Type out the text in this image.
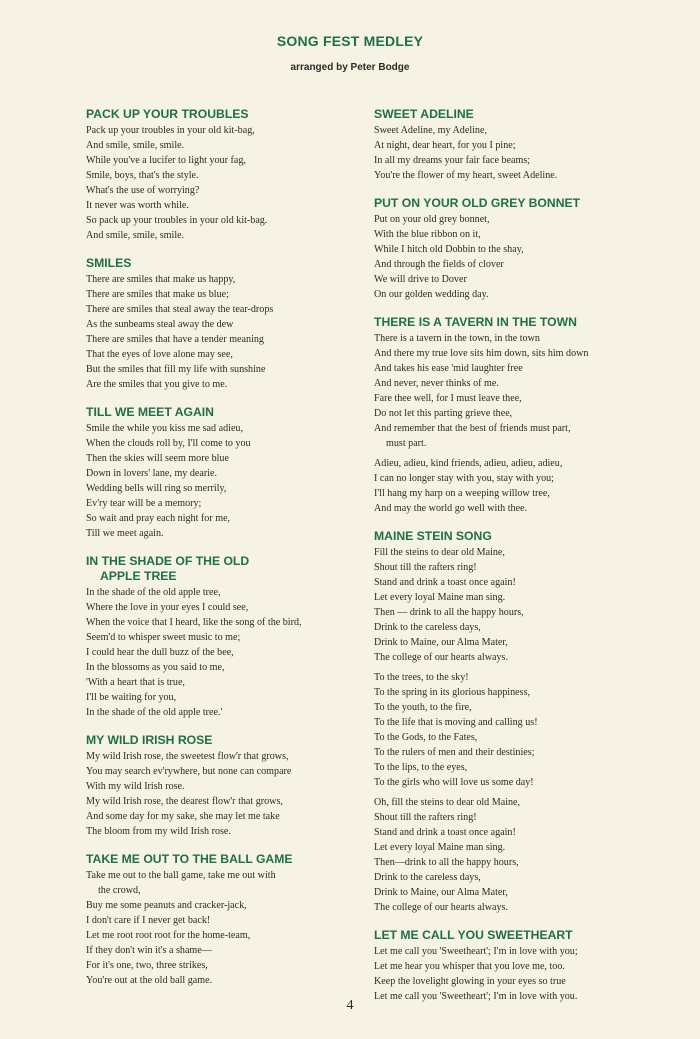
SONG FEST MEDLEY
arranged by Peter Bodge
PACK UP YOUR TROUBLES
Pack up your troubles in your old kit-bag,
And smile, smile, smile.
While you've a lucifer to light your fag,
Smile, boys, that's the style.
What's the use of worrying?
It never was worth while.
So pack up your troubles in your old kit-bag.
And smile, smile, smile.
SMILES
There are smiles that make us happy,
There are smiles that make us blue;
There are smiles that steal away the tear-drops
As the sunbeams steal away the dew
There are smiles that have a tender meaning
That the eyes of love alone may see,
But the smiles that fill my life with sunshine
Are the smiles that you give to me.
TILL WE MEET AGAIN
Smile the while you kiss me sad adieu,
When the clouds roll by, I'll come to you
Then the skies will seem more blue
Down in lovers' lane, my dearie.
Wedding bells will ring so merrily,
Ev'ry tear will be a memory;
So wait and pray each night for me,
Till we meet again.
IN THE SHADE OF THE OLD
APPLE TREE
In the shade of the old apple tree,
Where the love in your eyes I could see,
When the voice that I heard, like the song of the bird,
Seem'd to whisper sweet music to me;
I could hear the dull buzz of the bee,
In the blossoms as you said to me,
'With a heart that is true,
I'll be waiting for you,
In the shade of the old apple tree.'
MY WILD IRISH ROSE
My wild Irish rose, the sweetest flow'r that grows,
You may search ev'rywhere, but none can compare
With my wild Irish rose.
My wild Irish rose, the dearest flow'r that grows,
And some day for my sake, she may let me take
The bloom from my wild Irish rose.
TAKE ME OUT TO THE BALL GAME
Take me out to the ball game, take me out with
the crowd,
Buy me some peanuts and cracker-jack,
I don't care if I never get back!
Let me root root root for the home-team,
If they don't win it's a shame—
For it's one, two, three strikes,
You're out at the old ball game.
SWEET ADELINE
Sweet Adeline, my Adeline,
At night, dear heart, for you I pine;
In all my dreams your fair face beams;
You're the flower of my heart, sweet Adeline.
PUT ON YOUR OLD GREY BONNET
Put on your old grey bonnet,
With the blue ribbon on it,
While I hitch old Dobbin to the shay,
And through the fields of clover
We will drive to Dover
On our golden wedding day.
THERE IS A TAVERN IN THE TOWN
There is a tavern in the town, in the town
And there my true love sits him down, sits him down
And takes his ease 'mid laughter free
And never, never thinks of me.
Fare thee well, for I must leave thee,
Do not let this parting grieve thee,
And remember that the best of friends must part,
must part.
Adieu, adieu, kind friends, adieu, adieu, adieu,
I can no longer stay with you, stay with you;
I'll hang my harp on a weeping willow tree,
And may the world go well with thee.
MAINE STEIN SONG
Fill the steins to dear old Maine,
Shout till the rafters ring!
Stand and drink a toast once again!
Let every loyal Maine man sing.
Then — drink to all the happy hours,
Drink to the careless days,
Drink to Maine, our Alma Mater,
The college of our hearts always.
To the trees, to the sky!
To the spring in its glorious happiness,
To the youth, to the fire,
To the life that is moving and calling us!
To the Gods, to the Fates,
To the rulers of men and their destinies;
To the lips, to the eyes,
To the girls who will love us some day!
Oh, fill the steins to dear old Maine,
Shout till the rafters ring!
Stand and drink a toast once again!
Let every loyal Maine man sing.
Then—drink to all the happy hours,
Drink to the careless days,
Drink to Maine, our Alma Mater,
The college of our hearts always.
LET ME CALL YOU SWEETHEART
Let me call you 'Sweetheart'; I'm in love with you;
Let me hear you whisper that you love me, too.
Keep the lovelight glowing in your eyes so true
Let me call you 'Sweetheart'; I'm in love with you.
4
